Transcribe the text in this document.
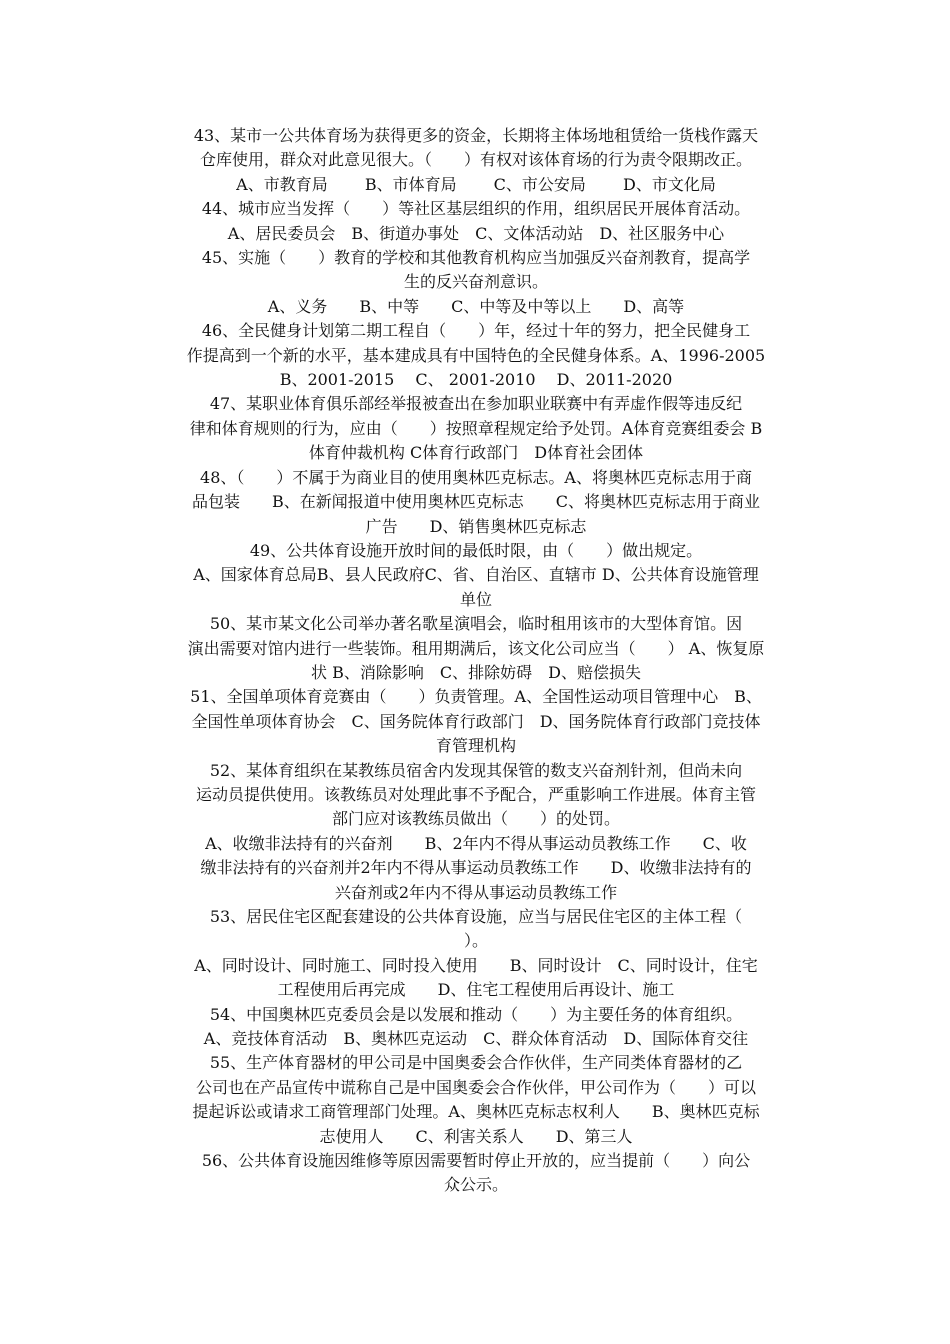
43、某市一公共体育场为获得更多的资金，长期将主体场地租赁给一货栈作露天
仓库使用，群众对此意见很大。（　　）有权对该体育场的行为责令限期改正。
A、市教育局　　 B、市体育局　　 C、市公安局　　 D、市文化局
44、城市应当发挥（　　）等社区基层组织的作用，组织居民开展体育活动。
A、居民委员会　B、街道办事处　C、文体活动站　D、社区服务中心
45、实施（　　）教育的学校和其他教育机构应当加强反兴奋剂教育，提高学
生的反兴奋剂意识。
A、义务　　B、中等　　C、中等及中等以上　　D、高等
46、全民健身计划第二期工程自（　　）年，经过十年的努力，把全民健身工
作提高到一个新的水平，基本建成具有中国特色的全民健身体系。A、1996-2005
B、2001-2015　 C、 2001-2010　 D、2011-2020
47、某职业体育俱乐部经举报被查出在参加职业联赛中有弄虚作假等违反纪
律和体育规则的行为，应由（　　）按照章程规定给予处罚。A体育竞赛组委会 B
体育仲裁机构 C体育行政部门　D体育社会团体
48、（　　）不属于为商业目的使用奥林匹克标志。A、将奥林匹克标志用于商
品包装　　B、在新闻报道中使用奥林匹克标志　　C、将奥林匹克标志用于商业
广告　　D、销售奥林匹克标志
49、公共体育设施开放时间的最低时限，由（　　）做出规定。
A、国家体育总局B、县人民政府C、省、自治区、直辖市 D、公共体育设施管理
单位
50、某市某文化公司举办著名歌星演唱会，临时租用该市的大型体育馆。因
演出需要对馆内进行一些装饰。租用期满后，该文化公司应当（　　） A、恢复原
状 B、消除影响　C、排除妨碍　D、赔偿损失
51、全国单项体育竞赛由（　　）负责管理。A、全国性运动项目管理中心　B、
全国性单项体育协会　C、国务院体育行政部门　D、国务院体育行政部门竞技体
育管理机构
52、某体育组织在某教练员宿舍内发现其保管的数支兴奋剂针剂，但尚未向
运动员提供使用。该教练员对处理此事不予配合，严重影响工作进展。体育主管
部门应对该教练员做出（　　）的处罚。
A、收缴非法持有的兴奋剂　　B、2年内不得从事运动员教练工作　　C、收
缴非法持有的兴奋剂并2年内不得从事运动员教练工作　　D、收缴非法持有的
兴奋剂或2年内不得从事运动员教练工作
53、居民住宅区配套建设的公共体育设施，应当与居民住宅区的主体工程（
）。
A、同时设计、同时施工、同时投入使用　　B、同时设计　C、同时设计，住宅
工程使用后再完成　　D、住宅工程使用后再设计、施工
54、中国奥林匹克委员会是以发展和推动（　　）为主要任务的体育组织。
A、竞技体育活动　B、奥林匹克运动　C、群众体育活动　D、国际体育交往
55、生产体育器材的甲公司是中国奥委会合作伙伴，生产同类体育器材的乙
公司也在产品宣传中谎称自己是中国奥委会合作伙伴，甲公司作为（　　）可以
提起诉讼或请求工商管理部门处理。A、奥林匹克标志权利人　　B、奥林匹克标
志使用人　　C、利害关系人　　D、第三人
56、公共体育设施因维修等原因需要暂时停止开放的，应当提前（　　）向公
众公示。
